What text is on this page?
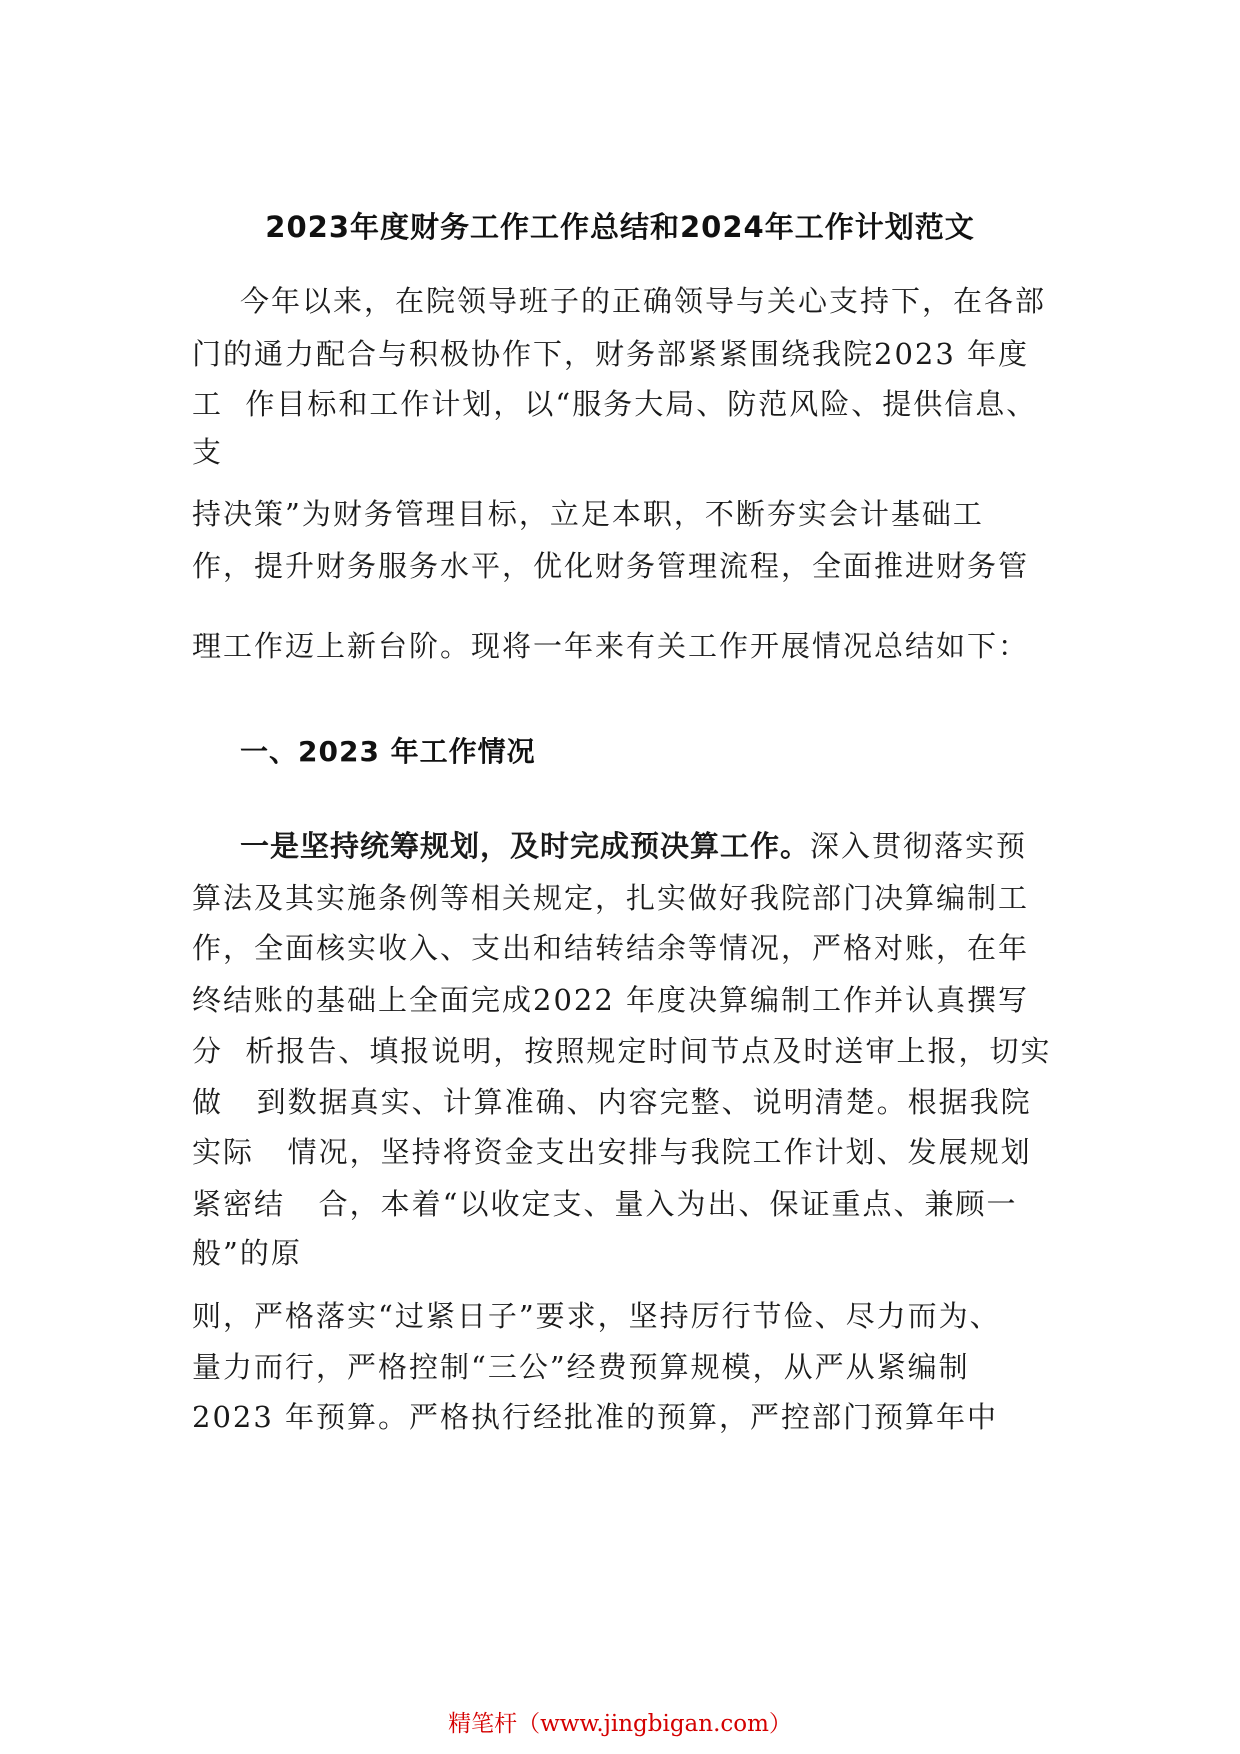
2023年度财务工作工作总结和2024年工作计划范文
今年以来，在院领导班子的正确领导与关心支持下，在各部
门的通力配合与积极协作下，财务部紧紧围绕我院2023 年度
工  作目标和工作计划，以“服务大局、防范风险、提供信息、
支
持决策”为财务管理目标，立足本职，不断夯实会计基础工
作，提升财务服务水平，优化财务管理流程，全面推进财务管
理工作迈上新台阶。现将一年来有关工作开展情况总结如下：
一、2023 年工作情况
一是坚持统筹规划，及时完成预决算工作。深入贯彻落实预
算法及其实施条例等相关规定，扎实做好我院部门决算编制工
作，全面核实收入、支出和结转结余等情况，严格对账，在年
终结账的基础上全面完成2022 年度决算编制工作并认真撰写
分  析报告、填报说明，按照规定时间节点及时送审上报，切实
做   到数据真实、计算准确、内容完整、说明清楚。根据我院
实际   情况，坚持将资金支出安排与我院工作计划、发展规划
紧密结   合，本着“以收定支、量入为出、保证重点、兼顾一
般”的原
则，严格落实“过紧日子”要求，坚持厉行节俭、尽力而为、
量力而行，严格控制“三公”经费预算规模，从严从紧编制
2023 年预算。严格执行经批准的预算，严控部门预算年中
精笔杆（www.jingbigan.com）
